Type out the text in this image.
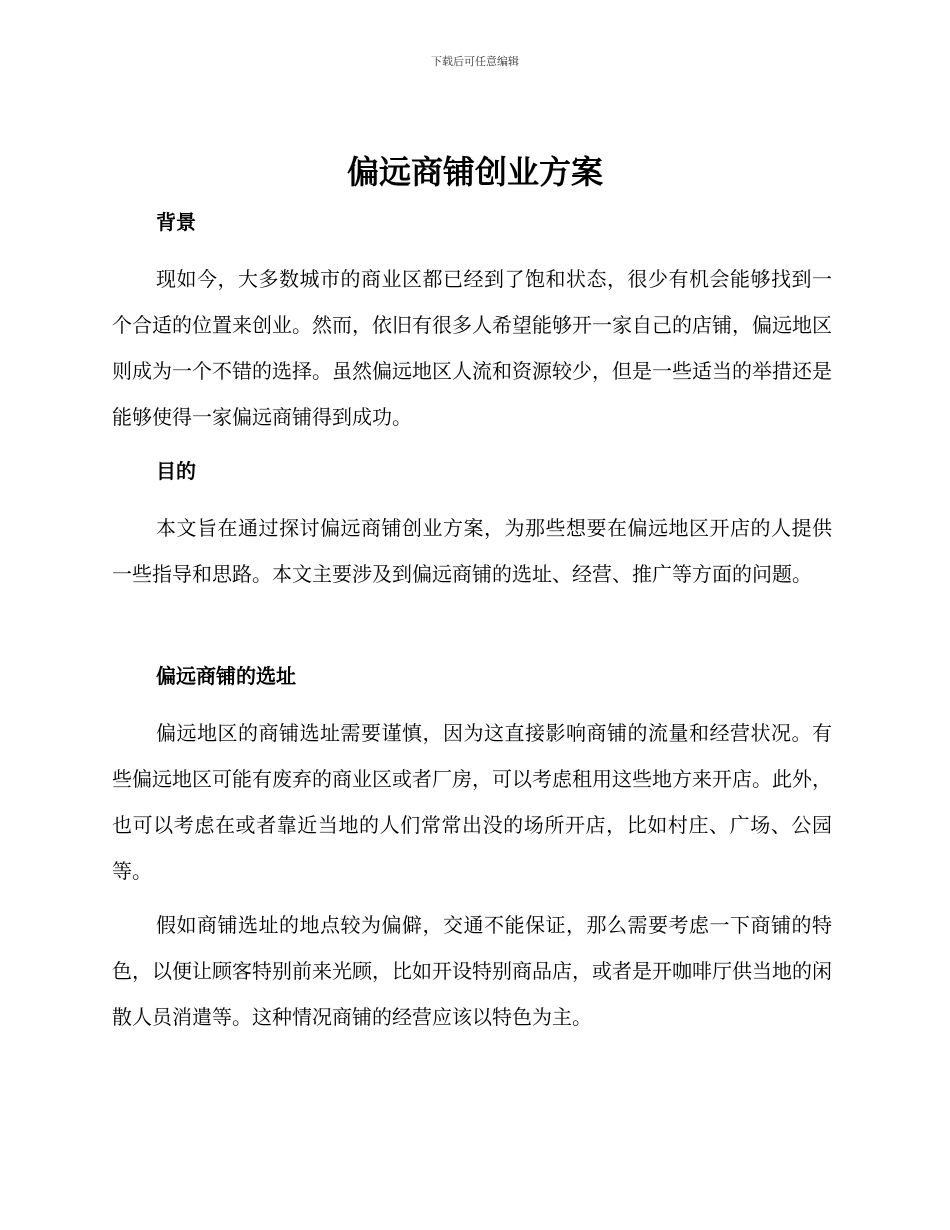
下载后可任意编辑
偏远商铺创业方案
背景

现如今，大多数城市的商业区都已经到了饱和状态，很少有机会能够找到一个合适的位置来创业。然而，依旧有很多人希望能够开一家自己的店铺，偏远地区则成为一个不错的选择。虽然偏远地区人流和资源较少，但是一些适当的举措还是能够使得一家偏远商铺得到成功。

目的

本文旨在通过探讨偏远商铺创业方案，为那些想要在偏远地区开店的人提供一些指导和思路。本文主要涉及到偏远商铺的选址、经营、推广等方面的问题。

偏远商铺的选址

偏远地区的商铺选址需要谨慎，因为这直接影响商铺的流量和经营状况。有些偏远地区可能有废弃的商业区或者厂房，可以考虑租用这些地方来开店。此外，也可以考虑在或者靠近当地的人们常常出没的场所开店，比如村庄、广场、公园等。

假如商铺选址的地点较为偏僻，交通不能保证，那么需要考虑一下商铺的特色，以便让顾客特别前来光顾，比如开设特别商品店，或者是开咖啡厅供当地的闲散人员消遣等。这种情况商铺的经营应该以特色为主。
